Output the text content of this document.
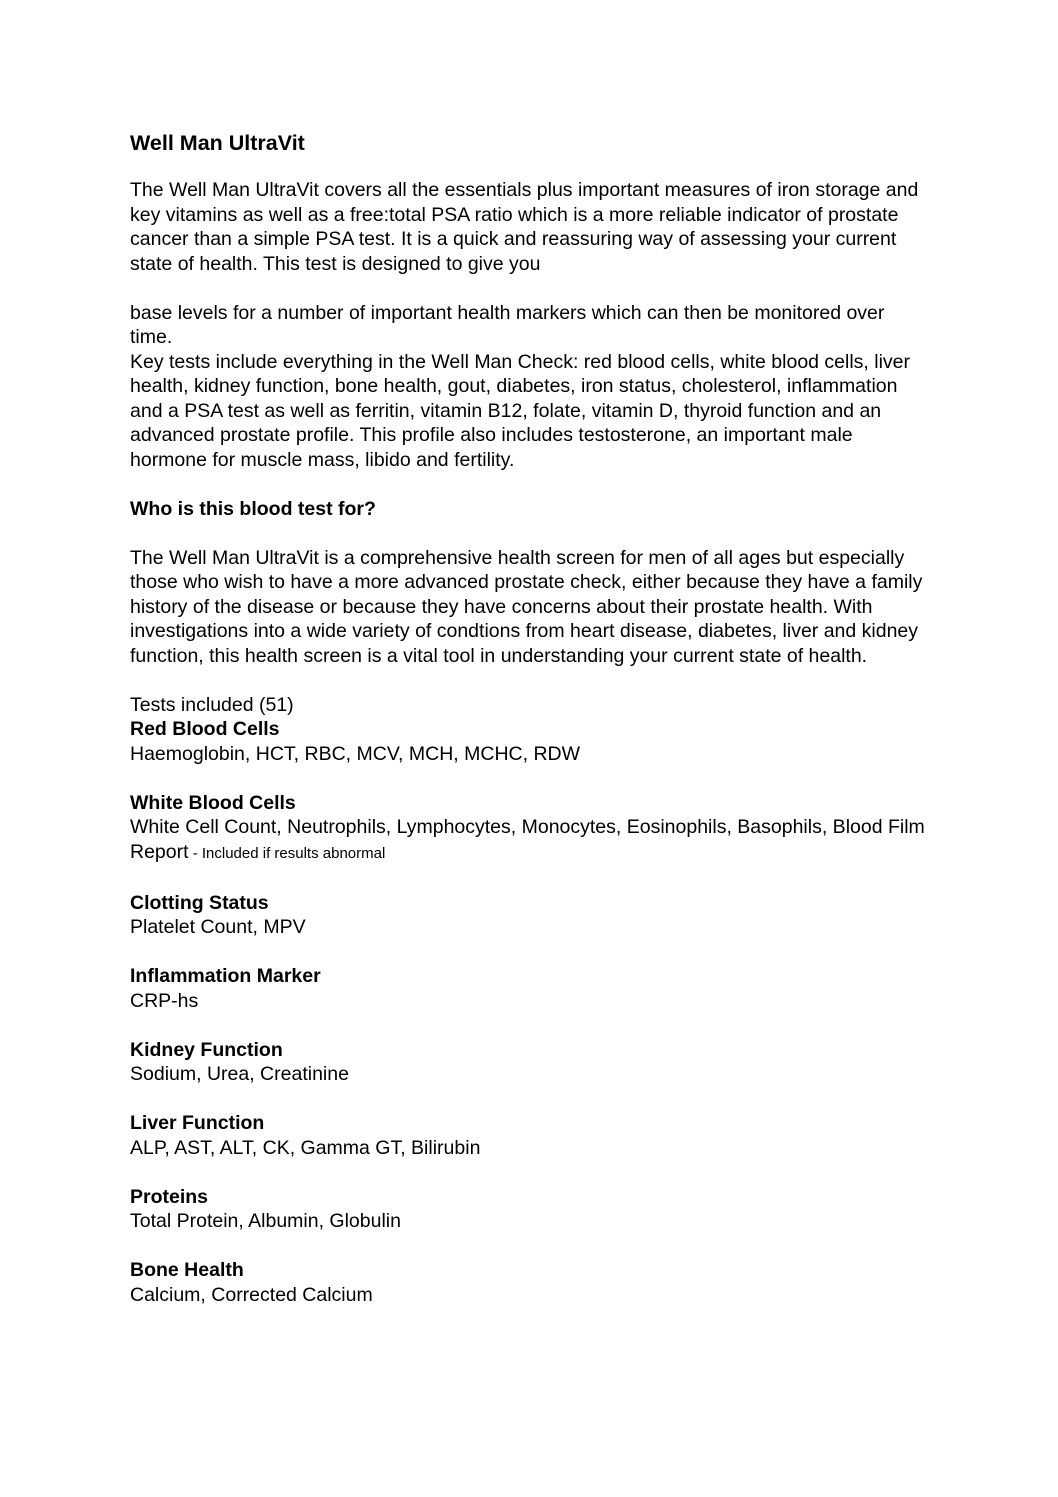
Well Man UltraVit

The Well Man UltraVit covers all the essentials plus important measures of iron storage and key vitamins as well as a free:total PSA ratio which is a more reliable indicator of prostate cancer than a simple PSA test. It is a quick and reassuring way of assessing your current state of health. This test is designed to give you

base levels for a number of important health markers which can then be monitored over time.

Key tests include everything in the Well Man Check: red blood cells, white blood cells, liver health, kidney function, bone health, gout, diabetes, iron status, cholesterol, inflammation and a PSA test as well as ferritin, vitamin B12, folate, vitamin D, thyroid function and an advanced prostate profile. This profile also includes testosterone, an important male hormone for muscle mass, libido and fertility.

Who is this blood test for?

The Well Man UltraVit is a comprehensive health screen for men of all ages but especially those who wish to have a more advanced prostate check, either because they have a family history of the disease or because they have concerns about their prostate health. With investigations into a wide variety of condtions from heart disease, diabetes, liver and kidney function, this health screen is a vital tool in understanding your current state of health.

Tests included (51)
Red Blood Cells
Haemoglobin, HCT, RBC, MCV, MCH, MCHC, RDW
White Blood Cells
White Cell Count, Neutrophils, Lymphocytes, Monocytes, Eosinophils, Basophils, Blood Film Report - Included if results abnormal
Clotting Status
Platelet Count, MPV
Inflammation Marker
CRP-hs
Kidney Function
Sodium, Urea, Creatinine
Liver Function
ALP, AST, ALT, CK, Gamma GT, Bilirubin
Proteins
Total Protein, Albumin, Globulin
Bone Health
Calcium, Corrected Calcium
